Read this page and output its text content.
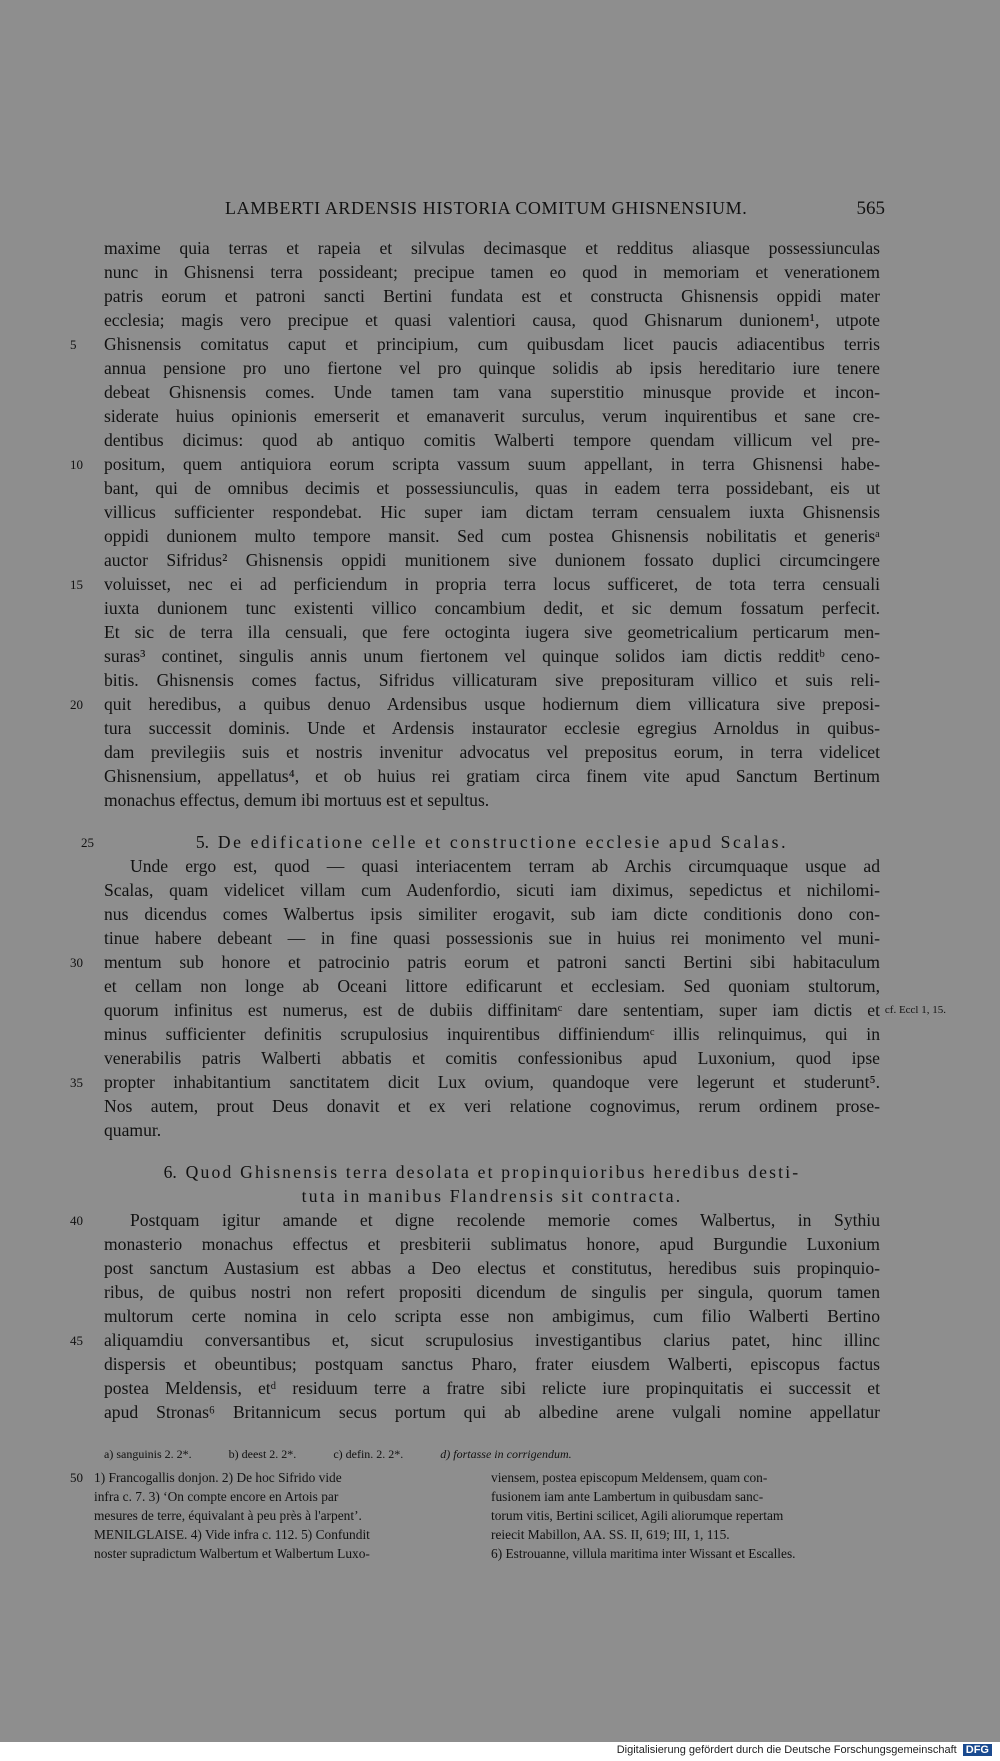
LAMBERTI ARDENSIS HISTORIA COMITUM GHISNENSIUM.	565
maxime quia terras et rapeia et silvulas decimasque et redditus aliasque possessiunculas
nunc in Ghisnensi terra possideant; precipue tamen eo quod in memoriam et venerationem
patris eorum et patroni sancti Bertini fundata est et constructa Ghisnensis oppidi mater
ecclesia; magis vero precipue et quasi valentiori causa, quod Ghisnarum dunionem¹, utpote
5	Ghisnensis comitatus caput et principium, cum quibusdam licet paucis adiacentibus terris
annua pensione pro uno fiertone vel pro quinque solidis ab ipsis hereditario iure tenere
debeat Ghisnensis comes. Unde tamen tam vana superstitio minusque provide et incon-
siderate huius opinionis emerserit et emanaverit surculus, verum inquirentibus et sane cre-
dentibus dicimus: quod ab antiquo comitis Walberti tempore quendam villicum vel pre-
10	positum, quem antiquiora eorum scripta vassum suum appellant, in terra Ghisnensi habe-
bant, qui de omnibus decimis et possessiunculis, quas in eadem terra possidebant, eis ut
villicus sufficienter respondebat. Hic super iam dictam terram censualem iuxta Ghisnensis
oppidi dunionem multo tempore mansit. Sed cum postea Ghisnensis nobilitatis et generisᵃ
auctor Sifridus² Ghisnensis oppidi munitionem sive dunionem fossato duplici circumcingere
15	voluisset, nec ei ad perficiendum in propria terra locus sufficeret, de tota terra censuali
iuxta dunionem tunc existenti villico concambium dedit, et sic demum fossatum perfecit.
Et sic de terra illa censuali, que fere octoginta iugera sive geometricalium perticarum men-
suras³ continet, singulis annis unum fiertonem vel quinque solidos iam dictis redditᵇ ceno-
bitis. Ghisnensis comes factus, Sifridus villicaturam sive preposituram villico et suis reli-
20	quit heredibus, a quibus denuo Ardensibus usque hodiernum diem villicatura sive preposi-
tura successit dominis. Unde et Ardensis instaurator ecclesie egregius Arnoldus in quibus-
dam previlegiis suis et nostris invenitur advocatus vel prepositus eorum, in terra videlicet
Ghisnensium, appellatus⁴, et ob huius rei gratiam circa finem vite apud Sanctum Bertinum
monachus effectus, demum ibi mortuus est et sepultus.
25	5. De edificatione celle et constructione ecclesie apud Scalas.
Unde ergo est, quod — quasi interiacentem terram ab Archis circumquaque usque ad
Scalas, quam videlicet villam cum Audenfordio, sicuti iam diximus, sepedictus et nichilomi-
nus dicendus comes Walbertus ipsis similiter erogavit, sub iam dicte conditionis dono con-
tinue habere debeant — in fine quasi possessionis sue in huius rei monimento vel muni-
30	mentum sub honore et patrocinio patris eorum et patroni sancti Bertini sibi habitaculum
et cellam non longe ab Oceani littore edificarunt et ecclesiam. Sed quoniam stultorum,
quorum infinitus est numerus, est de dubiis diffinitamᶜ dare sententiam, super iam dictis et cf. Eccl 1, 15.
minus sufficienter definitis scrupulosius inquirentibus diffiniendumᶜ illis relinquimus, qui in
venerabilis patris Walberti abbatis et comitis confessionibus apud Luxonium, quod ipse
35	propter inhabitantium sanctitatem dicit Lux ovium, quandoque vere legerunt et studerunt⁵.
Nos autem, prout Deus donavit et ex veri relatione cognovimus, rerum ordinem prose-
quamur.
6. Quod Ghisnensis terra desolata et propinquioribus heredibus desti-
tuta in manibus Flandrensis sit contracta.
40	Postquam igitur amande et digne recolende memorie comes Walbertus, in Sythiu
monasterio monachus effectus et presbiterii sublimatus honore, apud Burgundie Luxonium
post sanctum Austasium est abbas a Deo electus et constitutus, heredibus suis propinquio-
ribus, de quibus nostri non refert propositi dicendum de singulis per singula, quorum tamen
multorum certe nomina in celo scripta esse non ambigimus, cum filio Walberti Bertino
45	aliquamdiu conversantibus et, sicut scrupulosius investigantibus clarius patet, hinc illinc
dispersis et obeuntibus; postquam sanctus Pharo, frater eiusdem Walberti, episcopus factus
postea Meldensis, etᵈ residuum terre a fratre sibi relicte iure propinquitatis ei successit et
apud Stronas⁶ Britannicum secus portum qui ab albedine arene vulgali nomine appellatur
a) sanguinis 2. 2*.	b) deest 2. 2*.	c) defin. 2. 2*.	d) fortasse in corrigendum.
50 1) Francogallis donjon. 2) De hoc Sifrido vide
infra c. 7. 3) ‘On compte encore en Artois par
mesures de terre, équivalant à peu près à l'arpent’.
MENILGLAISE. 4) Vide infra c. 112. 5) Confundit
noster supradictum Walbertum et Walbertum Luxo-
viensem, postea episcopum Meldensem, quam con-
fusionem iam ante Lambertum in quibusdam sanc-
torum vitis, Bertini scilicet, Agili aliorumque repertam
reiecit Mabillon, AA. SS. II, 619; III, 1, 115.
6) Estrouanne, villula maritima inter Wissant et Escalles.
Digitalisierung gefördert durch die Deutsche Forschungsgemeinschaft DFG
